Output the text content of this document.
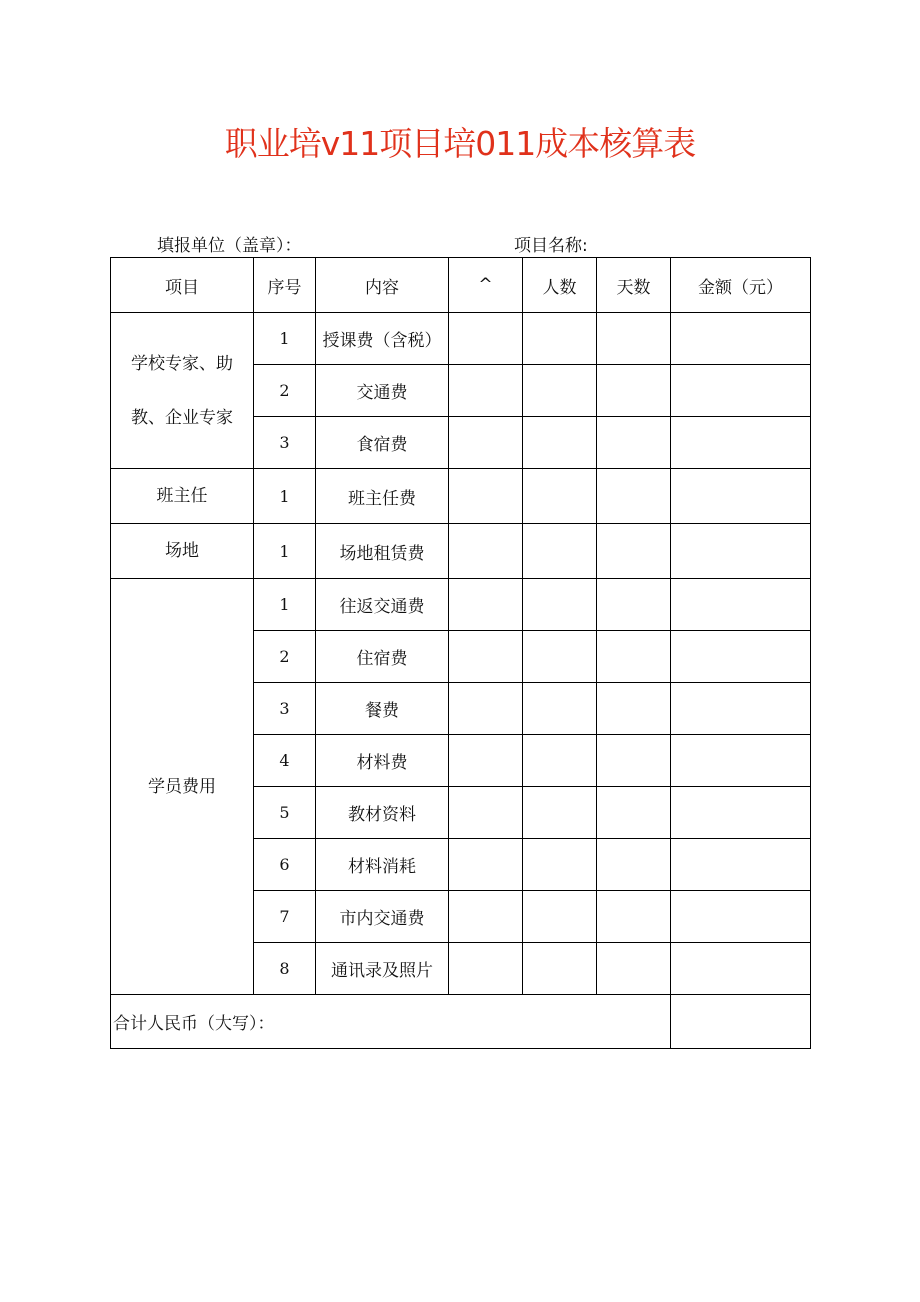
职业培v11项目培011成本核算表
填报单位（盖章）：	项目名称:
项目	序号	内容	^	人数	天数	金额（元）

学校专家、助
教、企业专家	1	授课费（含税）				
	2	交通费				
	3	食宿费				

班主任	1	班主任费				

场地	1	场地租赁费				

学员费用	1	往返交通费				
	2	住宿费				
	3	餐费				
	4	材料费				
	5	教材资料				
	6	材料消耗				
	7	市内交通费				
	8	通讯录及照片				
合计人民币（大写）：						
